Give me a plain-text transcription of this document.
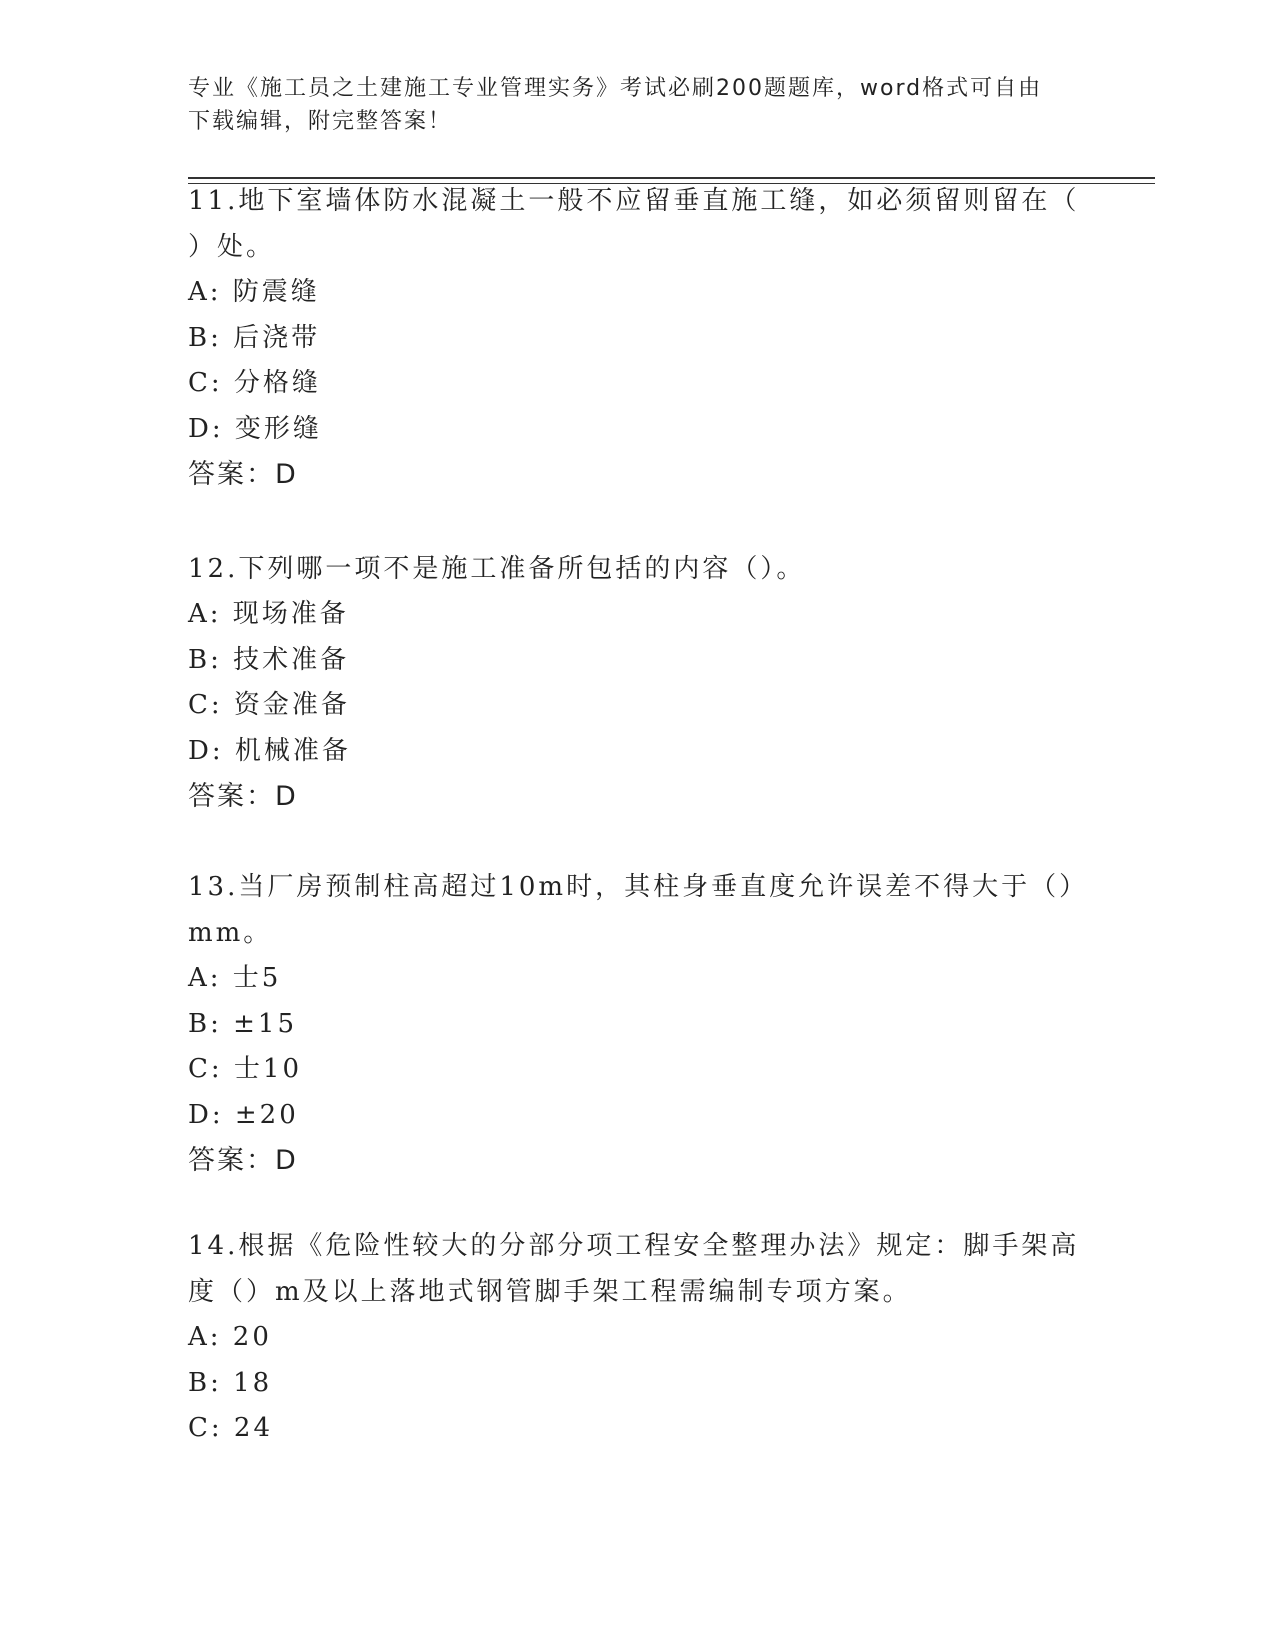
专业《施工员之土建施工专业管理实务》考试必刷200题题库，word格式可自由
下载编辑，附完整答案！

11.地下室墙体防水混凝土一般不应留垂直施工缝，如必须留则留在（

）处。

A: 防震缝

B: 后浇带

C: 分格缝

D: 变形缝

答案：D

12.下列哪一项不是施工准备所包括的内容（）。

A: 现场准备

B: 技术准备

C: 资金准备

D: 机械准备

答案：D

13.当厂房预制柱高超过10m时，其柱身垂直度允许误差不得大于（）

mm。

A: 士5

B: ±15

C: 士10

D: ±20

答案：D

14.根据《危险性较大的分部分项工程安全整理办法》规定：脚手架高

度（）m及以上落地式钢管脚手架工程需编制专项方案。

A: 20

B: 18

C: 24
